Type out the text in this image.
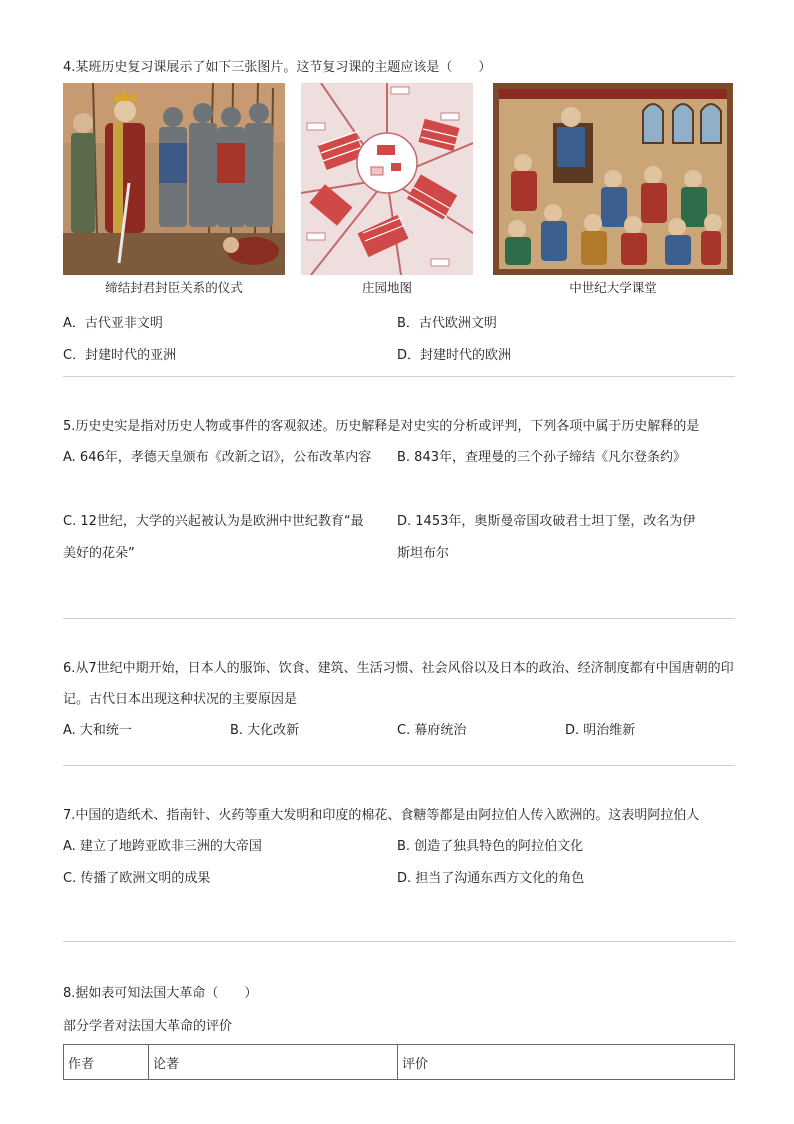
4.某班历史复习课展示了如下三张图片。这节复习课的主题应该是（　　）

缔结封君封臣关系的仪式	庄园地图	中世纪大学课堂
A．古代亚非文明	B．古代欧洲文明
C．封建时代的亚洲	D．封建时代的欧洲

5.历史史实是指对历史人物或事件的客观叙述。历史解释是对史实的分析或评判，下列各项中属于历史解释的是

A. 646年，孝德天皇颁布《改新之诏》，公布改革内容	B. 843年，查理曼的三个孙子缔结《凡尔登条约》
C. 12世纪，大学的兴起被认为是欧洲中世纪教育“最美好的花朵”
D. 1453年，奥斯曼帝国攻破君士坦丁堡，改名为伊斯坦布尔

6.从7世纪中期开始，日本人的服饰、饮食、建筑、生活习惯、社会风俗以及日本的政治、经济制度都有中国唐朝的印记。古代日本出现这种状况的主要原因是

A. 大和统一	B. 大化改新	C. 幕府统治	D. 明治维新

7.中国的造纸术、指南针、火药等重大发明和印度的棉花、食糖等都是由阿拉伯人传入欧洲的。这表明阿拉伯人

A. 建立了地跨亚欧非三洲的大帝国	B. 创造了独具特色的阿拉伯文化
C. 传播了欧洲文明的成果	D. 担当了沟通东西方文化的角色

8.据如表可知法国大革命（　　）

部分学者对法国大革命的评价

作者	论著	评价
